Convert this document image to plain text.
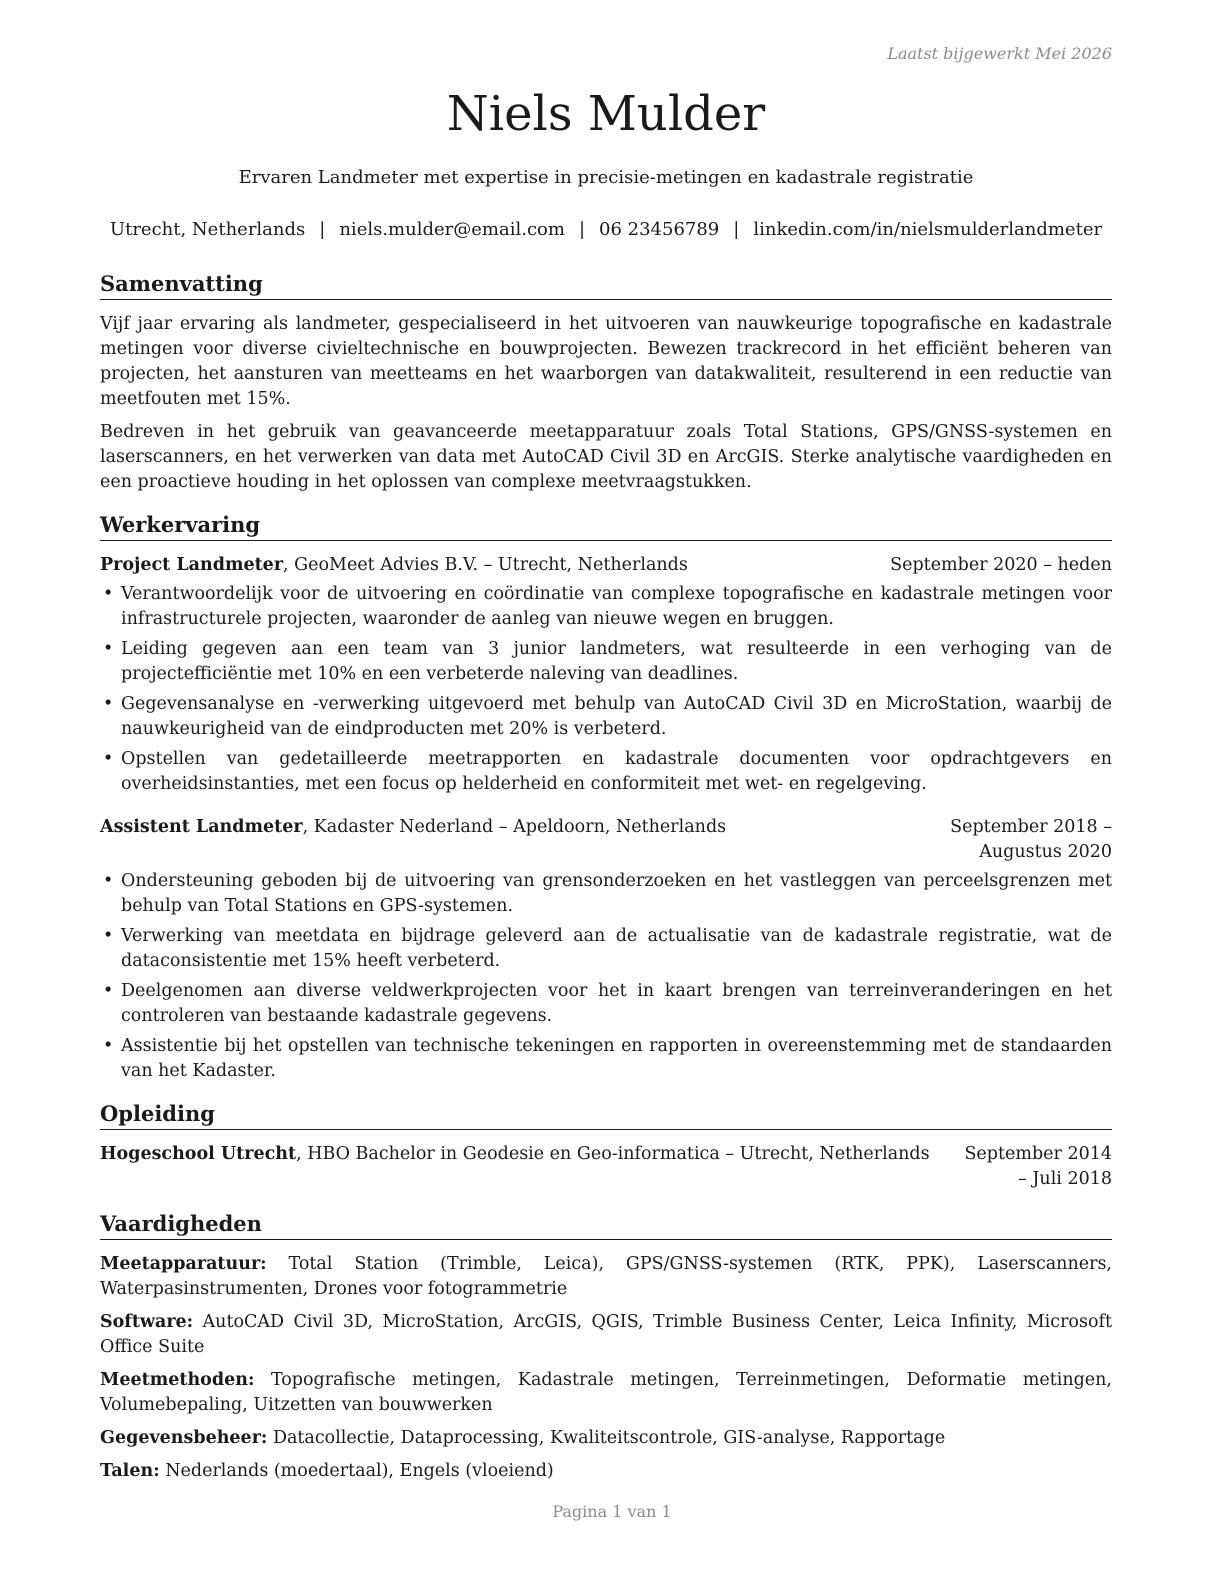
Laatst bijgewerkt Mei 2026
Niels Mulder
Ervaren Landmeter met expertise in precisie-metingen en kadastrale registratie
Utrecht, Netherlands | niels.mulder@email.com | 06 23456789 | linkedin.com/in/nielsmulderlandmeter
Samenvatting

Vijf jaar ervaring als landmeter, gespecialiseerd in het uitvoeren van nauwkeurige topografische en kadastrale metingen voor diverse civieltechnische en bouwprojecten. Bewezen trackrecord in het efficiënt beheren van projecten, het aansturen van meetteams en het waarborgen van datakwaliteit, resulterend in een reductie van meetfouten met 15%.

Bedreven in het gebruik van geavanceerde meetapparatuur zoals Total Stations, GPS/GNSS-systemen en laserscanners, en het verwerken van data met AutoCAD Civil 3D en ArcGIS. Sterke analytische vaardigheden en een proactieve houding in het oplossen van complexe meetvraagstukken.

Werkervaring
Project Landmeter, GeoMeet Advies B.V. – Utrecht, Netherlands	September 2020 – heden
• Verantwoordelijk voor de uitvoering en coördinatie van complexe topografische en kadastrale metingen voor infrastructurele projecten, waaronder de aanleg van nieuwe wegen en bruggen.
• Leiding gegeven aan een team van 3 junior landmeters, wat resulteerde in een verhoging van de projectefficiëntie met 10% en een verbeterde naleving van deadlines.
• Gegevensanalyse en -verwerking uitgevoerd met behulp van AutoCAD Civil 3D en MicroStation, waarbij de nauwkeurigheid van de eindproducten met 20% is verbeterd.
• Opstellen van gedetailleerde meetrapporten en kadastrale documenten voor opdrachtgevers en overheidsinstanties, met een focus op helderheid en conformiteit met wet- en regelgeving.
Assistent Landmeter, Kadaster Nederland – Apeldoorn, Netherlands	September 2018 – Augustus 2020
• Ondersteuning geboden bij de uitvoering van grensonderzoeken en het vastleggen van perceelsgrenzen met behulp van Total Stations en GPS-systemen.
• Verwerking van meetdata en bijdrage geleverd aan de actualisatie van de kadastrale registratie, wat de dataconsistentie met 15% heeft verbeterd.
• Deelgenomen aan diverse veldwerkprojecten voor het in kaart brengen van terreinveranderingen en het controleren van bestaande kadastrale gegevens.
• Assistentie bij het opstellen van technische tekeningen en rapporten in overeenstemming met de standaarden van het Kadaster.
Opleiding
Hogeschool Utrecht, HBO Bachelor in Geodesie en Geo-informatica – Utrecht, Netherlands September 2014 – Juli 2018
Vaardigheden
Meetapparatuur: Total Station (Trimble, Leica), GPS/GNSS-systemen (RTK, PPK), Laserscanners, Waterpasinstrumenten, Drones voor fotogrammetrie
Software: AutoCAD Civil 3D, MicroStation, ArcGIS, QGIS, Trimble Business Center, Leica Infinity, Microsoft Office Suite
Meetmethoden: Topografische metingen, Kadastrale metingen, Terreinmetingen, Deformatie metingen, Volumebepaling, Uitzetten van bouwwerken
Gegevensbeheer: Datacollectie, Dataprocessing, Kwaliteitscontrole, GIS-analyse, Rapportage
Talen: Nederlands (moedertaal), Engels (vloeiend)
Pagina 1 van 1
